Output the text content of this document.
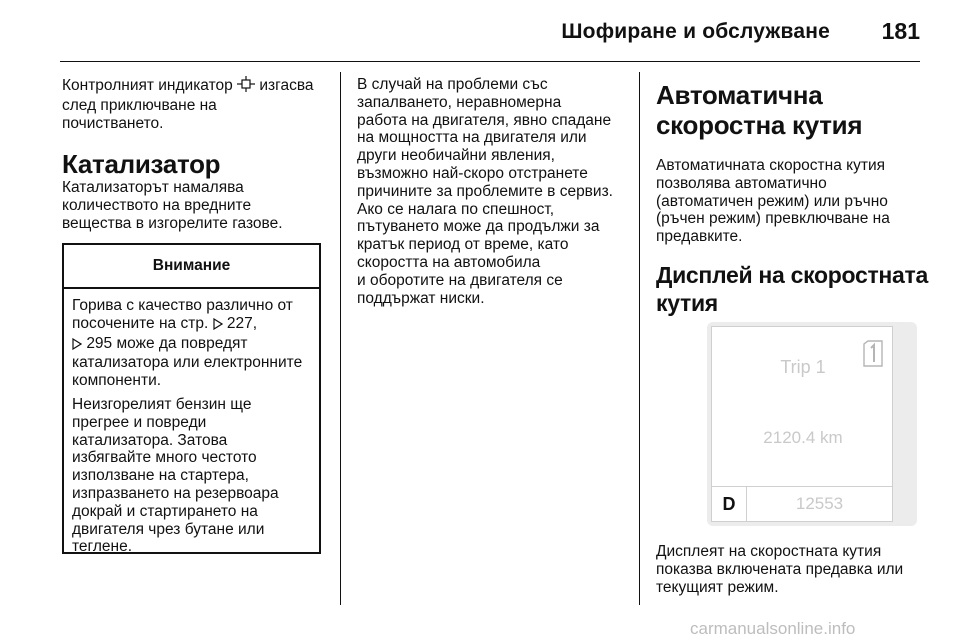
Шофиране и обслужване	181

Контролният индикатор изгасва
след приключване на
почистването.

Катализатор

Катализаторът намалява
количеството на вредните
вещества в изгорелите газове.

Внимание

Горива с качество различно от
посочените на стр. 227,
295 може да повредят
катализатора или електронните
компоненти.

Неизгорелият бензин ще
прегрее и повреди
катализатора. Затова
избягвайте много честото
използване на стартера,
изпразването на резервоара
докрай и стартирането на
двигателя чрез бутане или
теглене.

В случай на проблеми със
запалването, неравномерна
работа на двигателя, явно спадане
на мощността на двигателя или
други необичайни явления,
възможно най-скоро отстранете
причините за проблемите в сервиз.
Ако се налага по спешност,
пътуването може да продължи за
кратък период от време, като
скоростта на автомобила
и оборотите на двигателя се
поддържат ниски.

Автоматична
скоростна кутия

Автоматичната скоростна кутия
позволява автоматично
(автоматичен режим) или ръчно
(ръчен режим) превключване на
предавките.

Дисплей на скоростната
кутия
Trip 1
2120.4 km
D	12553

Дисплеят на скоростната кутия
показва включената предавка или
текущият режим.

carmanualsonline.info
